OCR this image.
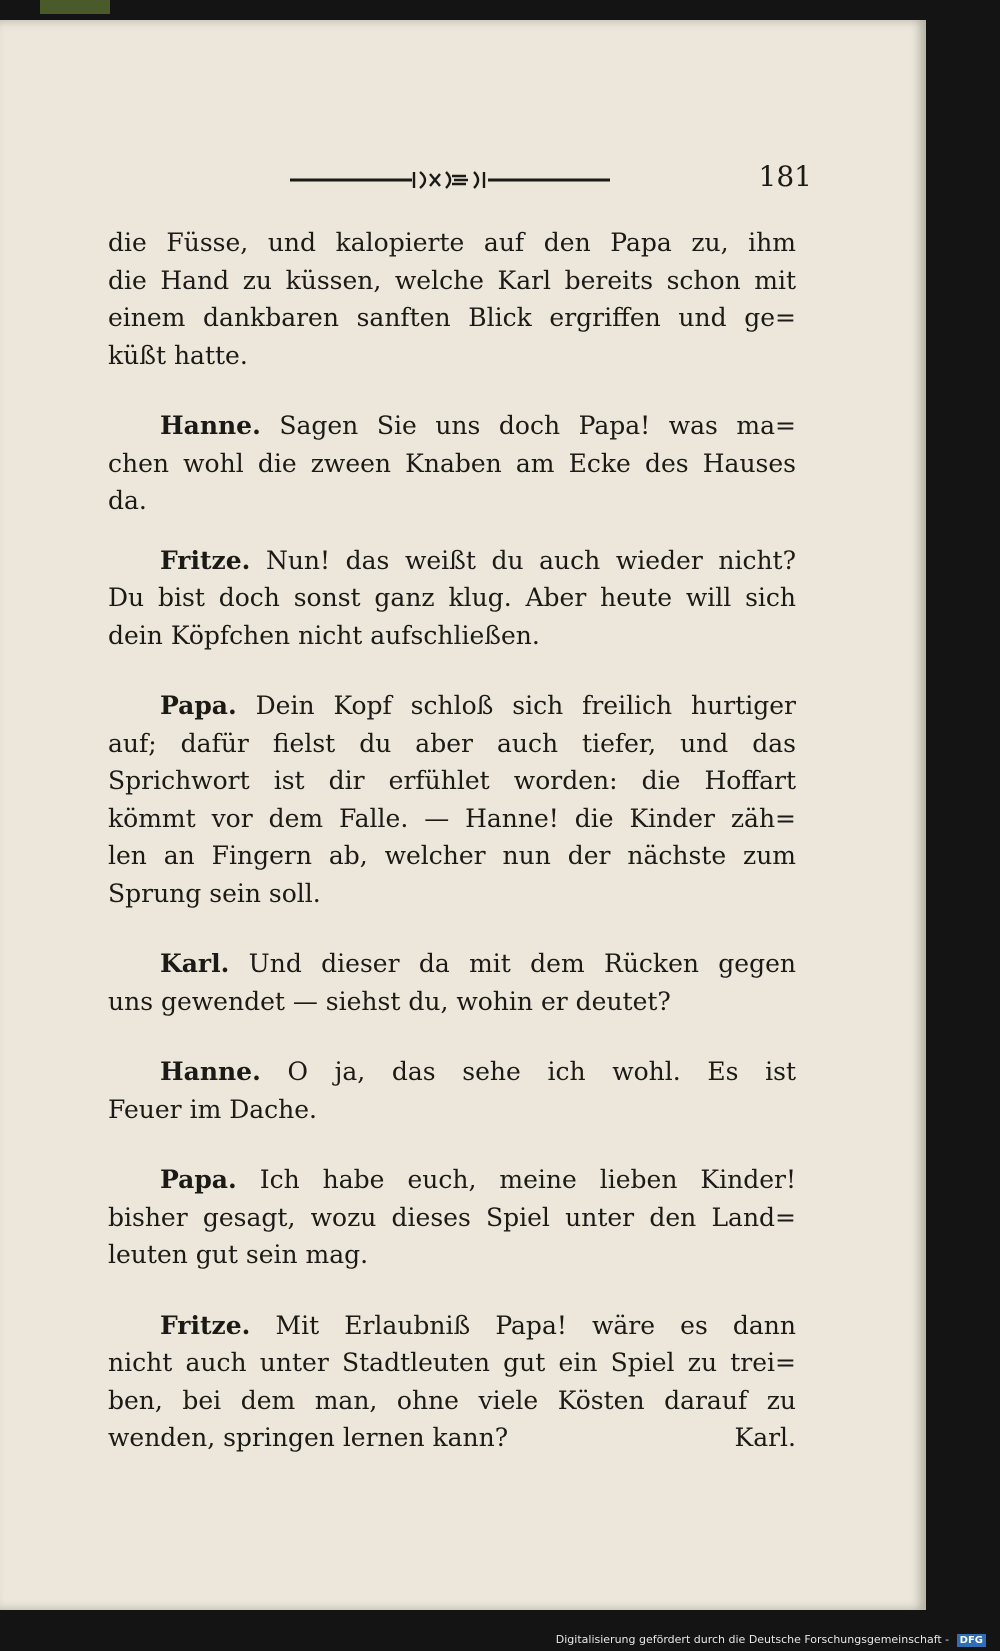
181
die Füsse, und kalopierte auf den Papa zu, ihm
die Hand zu küssen, welche Karl bereits schon mit
einem dankbaren sanften Blick ergriffen und ge=
küßt hatte.
Hanne. Sagen Sie uns doch Papa! was ma=
chen wohl die zween Knaben am Ecke des Hauses
da.
Fritze. Nun! das weißt du auch wieder nicht?
Du bist doch sonst ganz klug. Aber heute will sich
dein Köpfchen nicht aufschließen.
Papa. Dein Kopf schloß sich freilich hurtiger
auf; dafür fielst du aber auch tiefer, und das
Sprichwort ist dir erfühlet worden: die Hoffart
kömmt vor dem Falle. — Hanne! die Kinder zäh=
len an Fingern ab, welcher nun der nächste zum
Sprung sein soll.
Karl. Und dieser da mit dem Rücken gegen
uns gewendet — siehst du, wohin er deutet?
Hanne. O ja, das sehe ich wohl. Es ist
Feuer im Dache.
Papa. Ich habe euch, meine lieben Kinder!
bisher gesagt, wozu dieses Spiel unter den Land=
leuten gut sein mag.
Fritze. Mit Erlaubniß Papa! wäre es dann
nicht auch unter Stadtleuten gut ein Spiel zu trei=
ben, bei dem man, ohne viele Kösten darauf zu
wenden, springen lernen kann?	Karl.
Digitalisierung gefördert durch die Deutsche Forschungsgemeinschaft - DFG
